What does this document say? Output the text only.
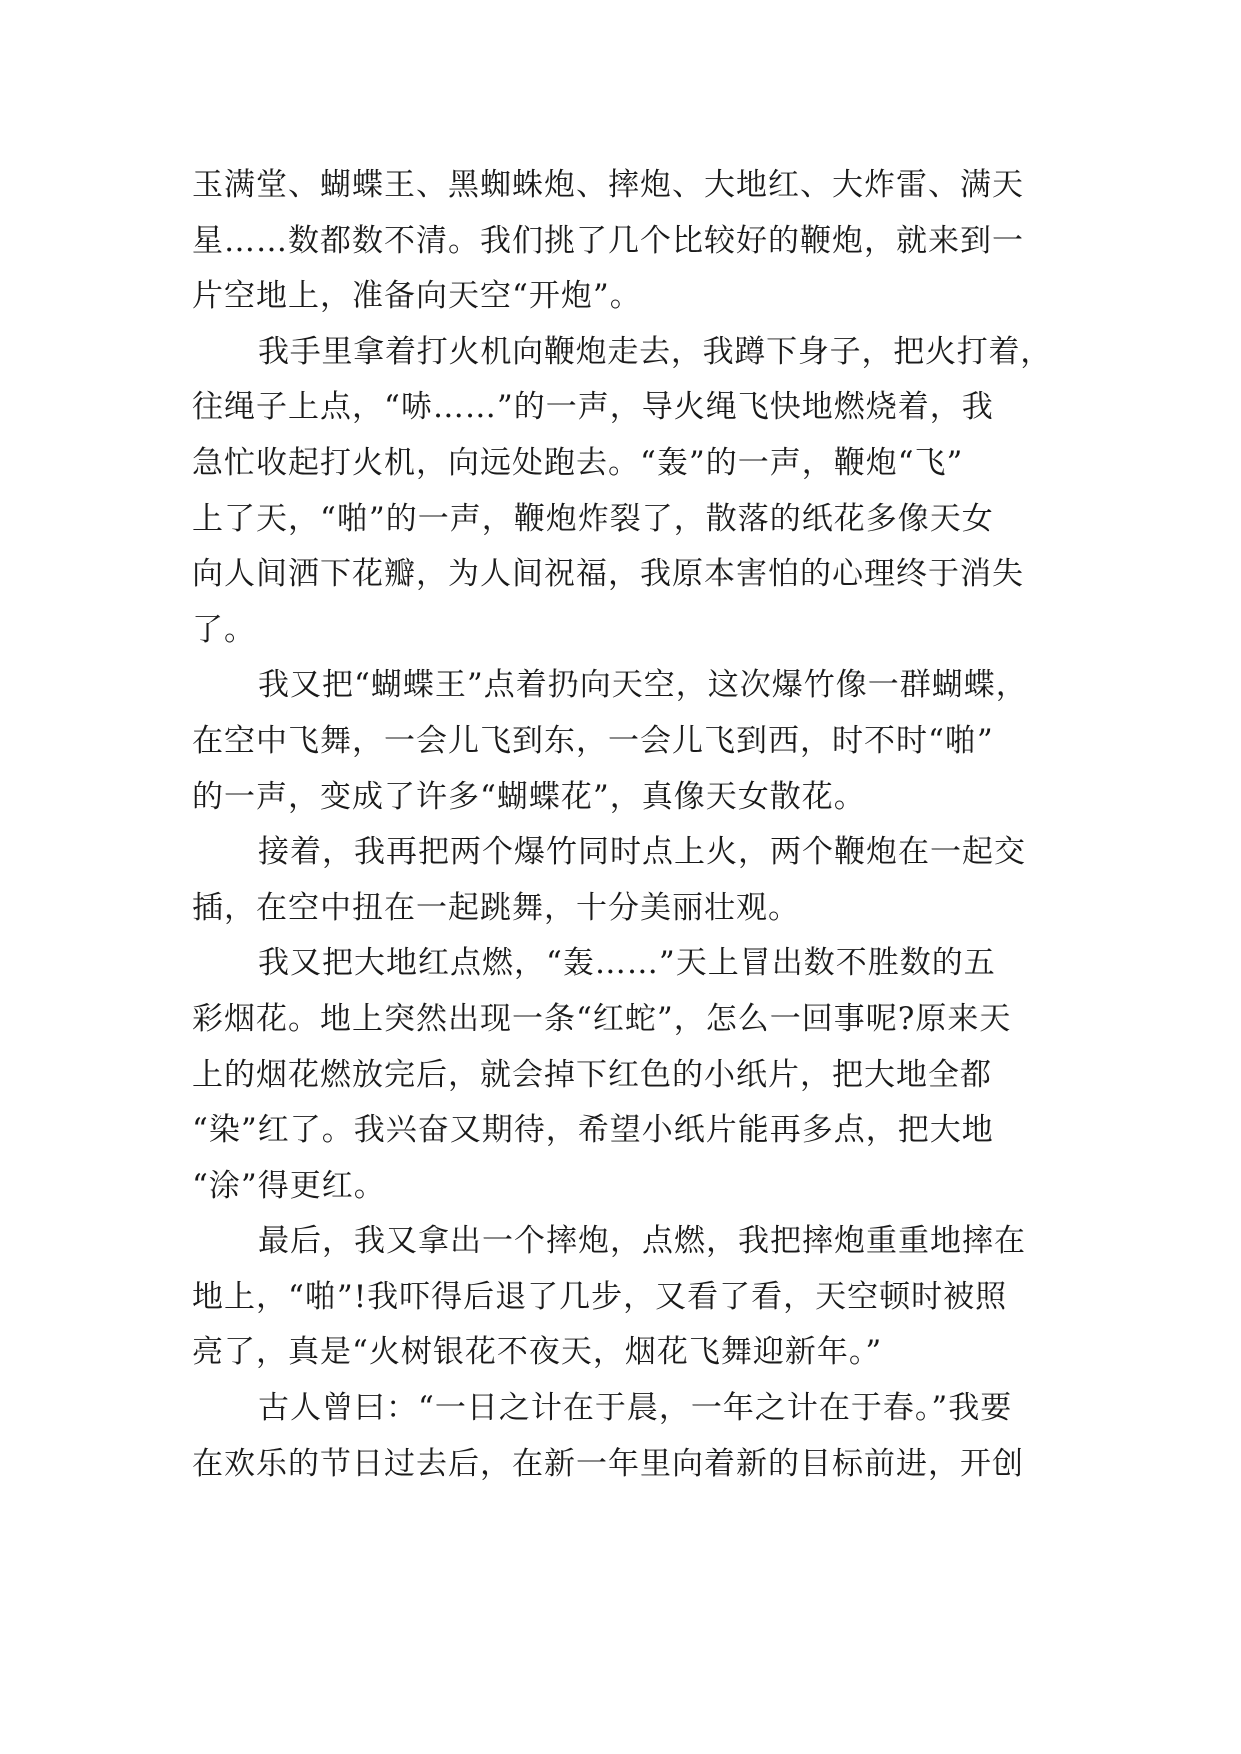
玉满堂、蝴蝶王、黑蜘蛛炮、摔炮、大地红、大炸雷、满天
星……数都数不清。我们挑了几个比较好的鞭炮，就来到一
片空地上，准备向天空“开炮”。
我手里拿着打火机向鞭炮走去，我蹲下身子，把火打着，
往绳子上点，“哧……”的一声，导火绳飞快地燃烧着，我
急忙收起打火机，向远处跑去。“轰”的一声，鞭炮“飞”
上了天，“啪”的一声，鞭炮炸裂了，散落的纸花多像天女
向人间洒下花瓣，为人间祝福，我原本害怕的心理终于消失
了。
我又把“蝴蝶王”点着扔向天空，这次爆竹像一群蝴蝶，
在空中飞舞，一会儿飞到东，一会儿飞到西，时不时“啪”
的一声，变成了许多“蝴蝶花”，真像天女散花。
接着，我再把两个爆竹同时点上火，两个鞭炮在一起交
插，在空中扭在一起跳舞，十分美丽壮观。
我又把大地红点燃，“轰……”天上冒出数不胜数的五
彩烟花。地上突然出现一条“红蛇”，怎么一回事呢?原来天
上的烟花燃放完后，就会掉下红色的小纸片，把大地全都
“染”红了。我兴奋又期待，希望小纸片能再多点，把大地
“涂”得更红。
最后，我又拿出一个摔炮，点燃，我把摔炮重重地摔在
地上，“啪”!我吓得后退了几步，又看了看，天空顿时被照
亮了，真是“火树银花不夜天，烟花飞舞迎新年。”
古人曾曰：“一日之计在于晨，一年之计在于春。”我要
在欢乐的节日过去后，在新一年里向着新的目标前进，开创
